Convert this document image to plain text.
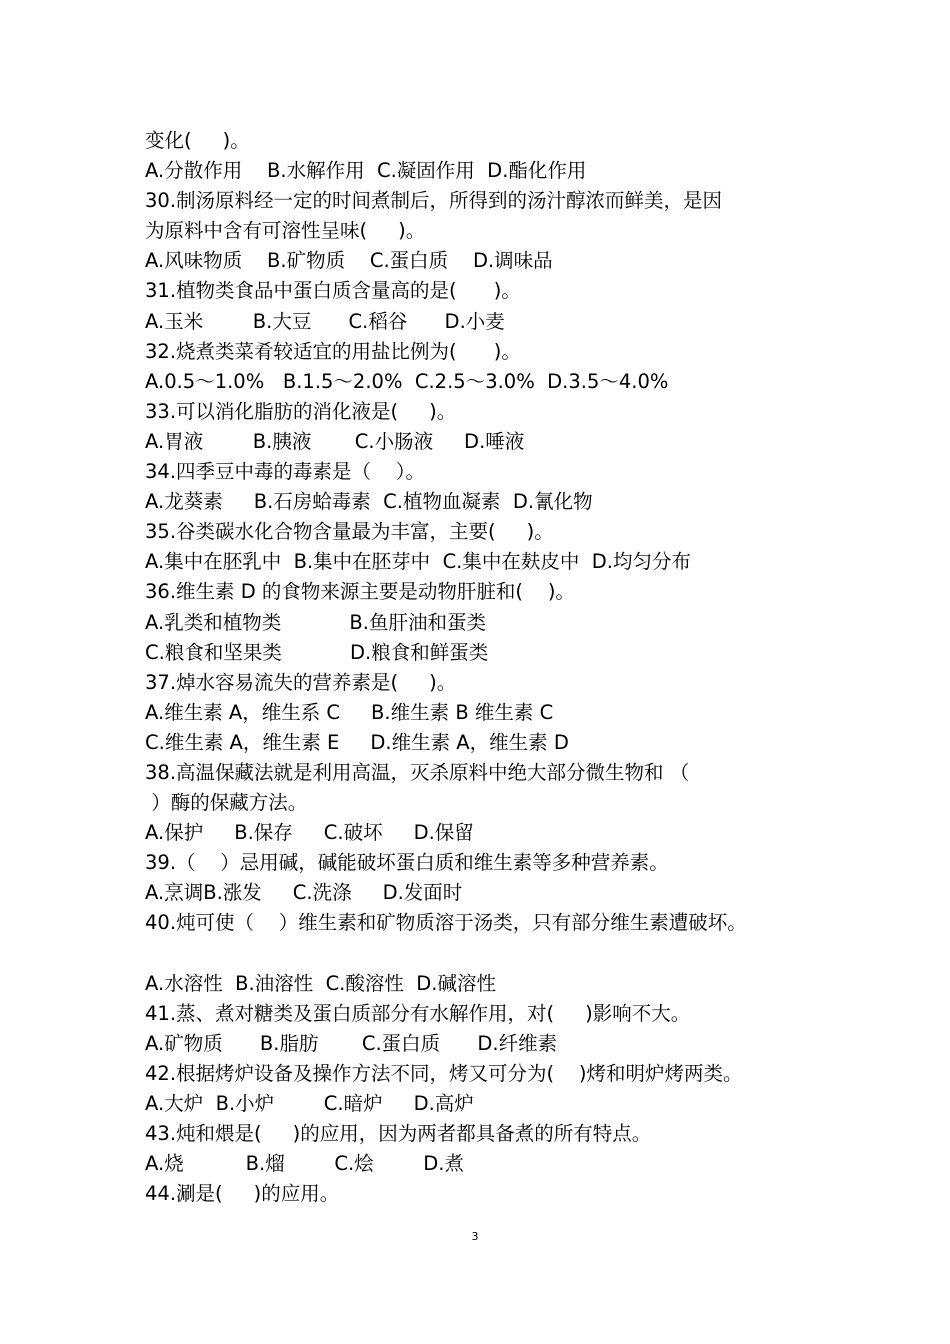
变化(     )。
A.分散作用    B.水解作用  C.凝固作用  D.酯化作用
30.制汤原料经一定的时间煮制后，所得到的汤汁醇浓而鲜美，是因
为原料中含有可溶性呈味(     )。
A.风味物质    B.矿物质    C.蛋白质    D.调味品
31.植物类食品中蛋白质含量高的是(      )。
A.玉米        B.大豆      C.稻谷      D.小麦
32.烧煮类菜肴较适宜的用盐比例为(      )。
A.0.5～1.0%   B.1.5～2.0%  C.2.5～3.0%  D.3.5～4.0%
33.可以消化脂肪的消化液是(     )。
A.胃液        B.胰液       C.小肠液     D.唾液
34.四季豆中毒的毒素是（    ）。
A.龙葵素     B.石房蛤毒素  C.植物血凝素  D.氰化物
35.谷类碳水化合物含量最为丰富，主要(     )。
A.集中在胚乳中  B.集中在胚芽中  C.集中在麸皮中  D.均匀分布
36.维生素 D 的食物来源主要是动物肝脏和(    )。
A.乳类和植物类           B.鱼肝油和蛋类
C.粮食和坚果类           D.粮食和鲜蛋类
37.焯水容易流失的营养素是(     )。
A.维生素 A，维生系 C     B.维生素 B 维生素 C
C.维生素 A，维生素 E     D.维生素 A，维生素 D
38.高温保藏法就是利用高温，灭杀原料中绝大部分微生物和 （
）酶的保藏方法。
A.保护     B.保存     C.破坏     D.保留
39.（    ）忌用碱，碱能破坏蛋白质和维生素等多种营养素。
A.烹调B.涨发     C.洗涤     D.发面时
40.炖可使（    ）维生素和矿物质溶于汤类，只有部分维生素遭破坏。
A.水溶性  B.油溶性  C.酸溶性  D.碱溶性
41.蒸、煮对糖类及蛋白质部分有水解作用，对(     )影响不大。
A.矿物质      B.脂肪       C.蛋白质      D.纤维素
42.根据烤炉设备及操作方法不同，烤又可分为(    )烤和明炉烤两类。
A.大炉  B.小炉        C.暗炉     D.高炉
43.炖和煨是(     )的应用，因为两者都具备煮的所有特点。
A.烧          B.熘        C.烩        D.煮
44.涮是(     )的应用。
3
